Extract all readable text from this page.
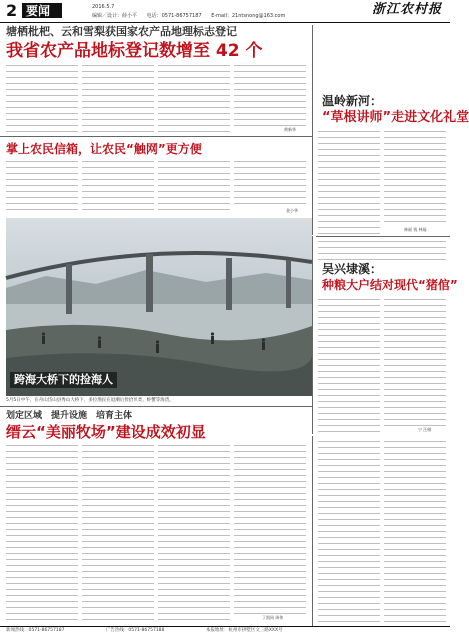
2 要闻	2016.5.7
编辑／设计：薛小平 电话：0571-86757187 E-mail：21ntsnong@163.com	浙江农村报
塘栖枇杷、云和雪梨获国家农产品地理标志登记
我省农产品地标登记数增至 42 个
黄新华
温岭新河：
“草根讲师”走进文化礼堂
林福 钱 林福
掌上农民信箱，让农民“触网”更方便
金小华
跨海大桥下的捡海人
5月5日中午，在舟山岱山县秀山大桥下，多位渔民在退潮后捡拾贝类、虾蟹等海货。
吴兴埭溪：
种粮大户结对现代“猪倌”
宁 汪雁
划定区域　提升设施　培育主体
缙云“美丽牧场”建设成效初显
丁凯同 周伟
新闻热线：0571-86757187	广告热线：0571-86757188	本报地址：杭州市拱墅区文三路XXX号
